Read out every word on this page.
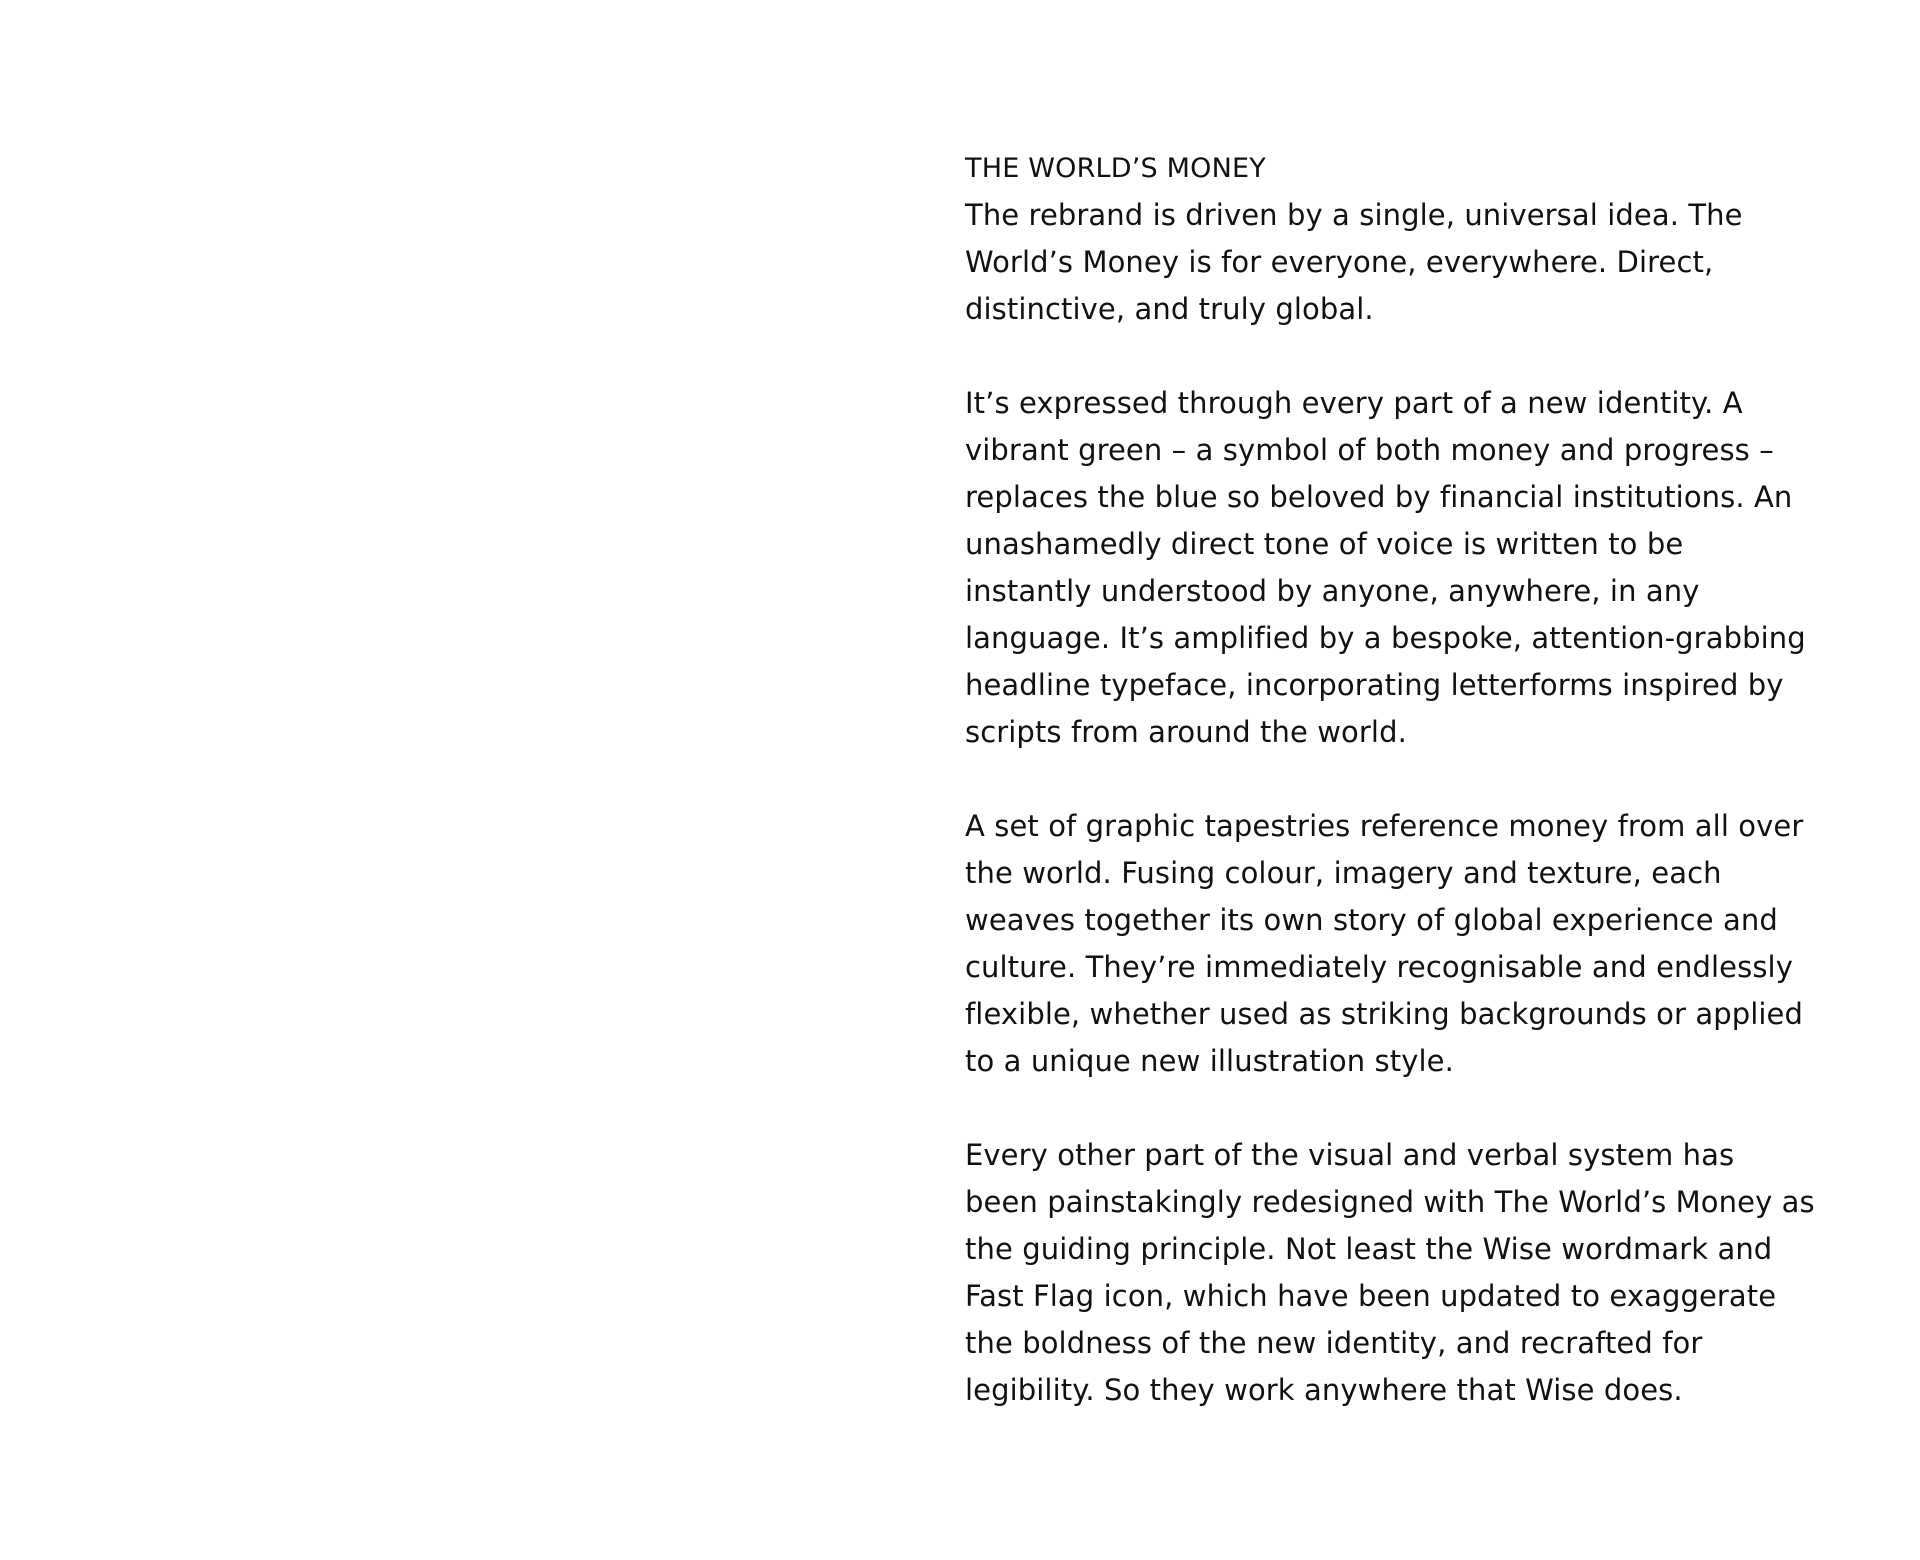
THE WORLD’S MONEY

The rebrand is driven by a single, universal idea. The World’s Money is for everyone, everywhere. Direct, distinctive, and truly global.

It’s expressed through every part of a new identity. A vibrant green – a symbol of both money and progress – replaces the blue so beloved by financial institutions. An unashamedly direct tone of voice is written to be instantly understood by anyone, anywhere, in any language. It’s amplified by a bespoke, attention-grabbing headline typeface, incorporating letterforms inspired by scripts from around the world.

A set of graphic tapestries reference money from all over the world. Fusing colour, imagery and texture, each weaves together its own story of global experience and culture. They’re immediately recognisable and endlessly flexible, whether used as striking backgrounds or applied to a unique new illustration style.

Every other part of the visual and verbal system has been painstakingly redesigned with The World’s Money as the guiding principle. Not least the Wise wordmark and Fast Flag icon, which have been updated to exaggerate the boldness of the new identity, and recrafted for legibility. So they work anywhere that Wise does.
